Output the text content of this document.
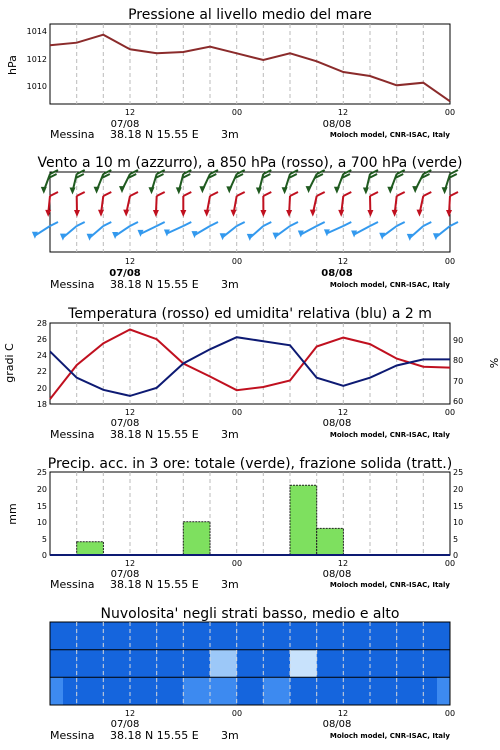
Pressione al livello medio del mare
hPa
1014
1012
1010
12	00	12	00
07/08	08/08
Messina 38.18 N 15.55 E 3m	Moloch model, CNR-ISAC, Italy
Vento a 10 m (azzurro), a 850 hPa (rosso), a 700 hPa (verde)
12	00	12	00
07/08	08/08
Messina 38.18 N 15.55 E 3m	Moloch model, CNR-ISAC, Italy
Temperatura (rosso) ed umidita' relativa (blu) a 2 m
gradi C	%
28
26
24
22
20
18
90
80
70
60
12	00	12	00
07/08	08/08
Messina 38.18 N 15.55 E 3m	Moloch model, CNR-ISAC, Italy
Precip. acc. in 3 ore: totale (verde), frazione solida (tratt.)
mm
25
20
15
10
5
0
25
20
15
10
5
0
12	00	12	00
07/08	08/08
Messina 38.18 N 15.55 E 3m	Moloch model, CNR-ISAC, Italy
Nuvolosita' negli strati basso, medio e alto
12	00	12	00
07/08	08/08
Messina 38.18 N 15.55 E 3m	Moloch model, CNR-ISAC, Italy
